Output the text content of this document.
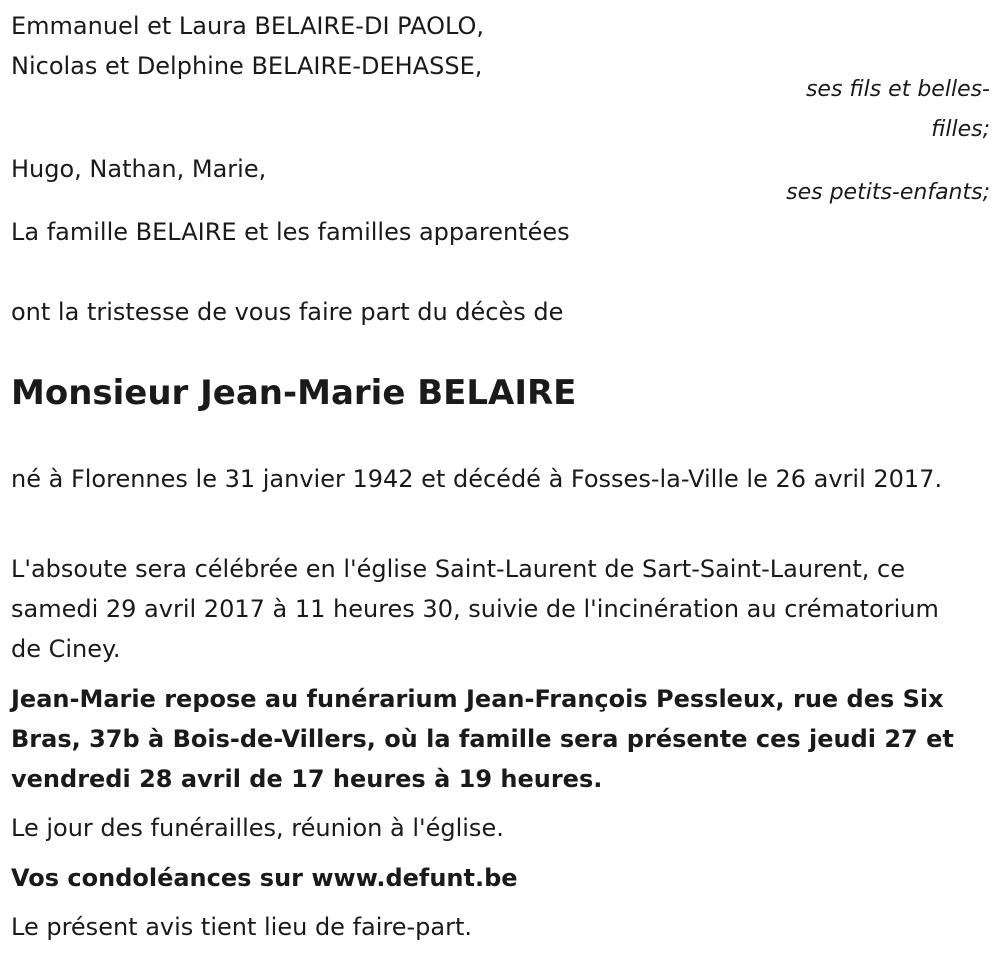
Emmanuel et Laura BELAIRE-DI PAOLO,
Nicolas et Delphine BELAIRE-DEHASSE,
ses fils et belles-
filles;
Hugo, Nathan, Marie,
ses petits-enfants;
La famille BELAIRE et les familles apparentées
ont la tristesse de vous faire part du décès de
Monsieur Jean-Marie BELAIRE
né à Florennes le 31 janvier 1942 et décédé à Fosses-la-Ville le 26 avril 2017.
L'absoute sera célébrée en l'église Saint-Laurent de Sart-Saint-Laurent, ce samedi 29 avril 2017 à 11 heures 30, suivie de l'incinération au crématorium de Ciney.
Jean-Marie repose au funérarium Jean-François Pessleux, rue des Six Bras, 37b à Bois-de-Villers, où la famille sera présente ces jeudi 27 et vendredi 28 avril de 17 heures à 19 heures.
Le jour des funérailles, réunion à l'église.
Vos condoléances sur www.defunt.be
Le présent avis tient lieu de faire-part.
